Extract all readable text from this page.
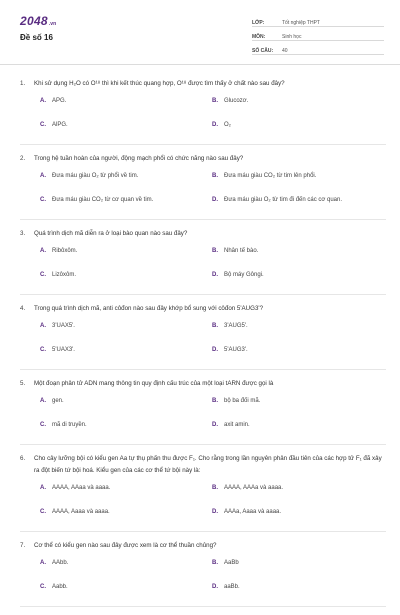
2048 .vn
Đề số 16
LỚP:	Tốt nghiệp THPT
MÔN:	Sinh học
SỐ CÂU:	40
1.	Khi sử dụng H₂O có O¹⁸ thì khi kết thúc quang hợp, O¹⁸ được tìm thấy ở chất nào sau đây?
A.	APG.	B.	Glucozơ.
C.	AlPG.	D.	O₂
2.	Trong hệ tuần hoàn của người, động mạch phổi có chức năng nào sau đây?
A.	Đưa máu giàu O₂ từ phổi về tim.	B.	Đưa máu giàu CO₂ từ tim lên phổi.
C.	Đưa máu giàu CO₂ từ cơ quan về tim.	D.	Đưa máu giàu O₂ từ tim đi đến các cơ quan.
3.	Quá trình dịch mã diễn ra ở loại bào quan nào sau đây?
A.	Ribôxôm.	B.	Nhân tế bào.
C.	Lizôxôm.	D.	Bộ máy Gôngi.
4.	Trong quá trình dịch mã, anti côđon nào sau đây khớp bổ sung với côđon 5'AUG3'?
A.	3'UAX5'.	B.	3'AUG5'.
C.	5'UAX3'.	D.	5'AUG3'.
5.	Một đoạn phân tử ADN mang thông tin quy định cấu trúc của một loại tARN được gọi là
A.	gen.	B.	bộ ba đối mã.
C.	mã di truyền.	D.	axit amin.
6.	Cho cây lưỡng bội có kiểu gen Aa tự thụ phấn thu được F₁. Cho rằng trong lần nguyên phân đầu tiên của các hợp tử F₁ đã xảy ra đột biến tứ bội hoá. Kiểu gen của các cơ thể tứ bội này là:
A.	AAAA, AAaa và aaaa.	B.	AAAA, AAAa và aaaa.
C.	AAAA, Aaaa và aaaa.	D.	AAAa, Aaaa và aaaa.
7.	Cơ thể có kiểu gen nào sau đây được xem là cơ thể thuần chủng?
A.	AAbb.	B.	AaBb
C.	Aabb.	D.	aaBb.
